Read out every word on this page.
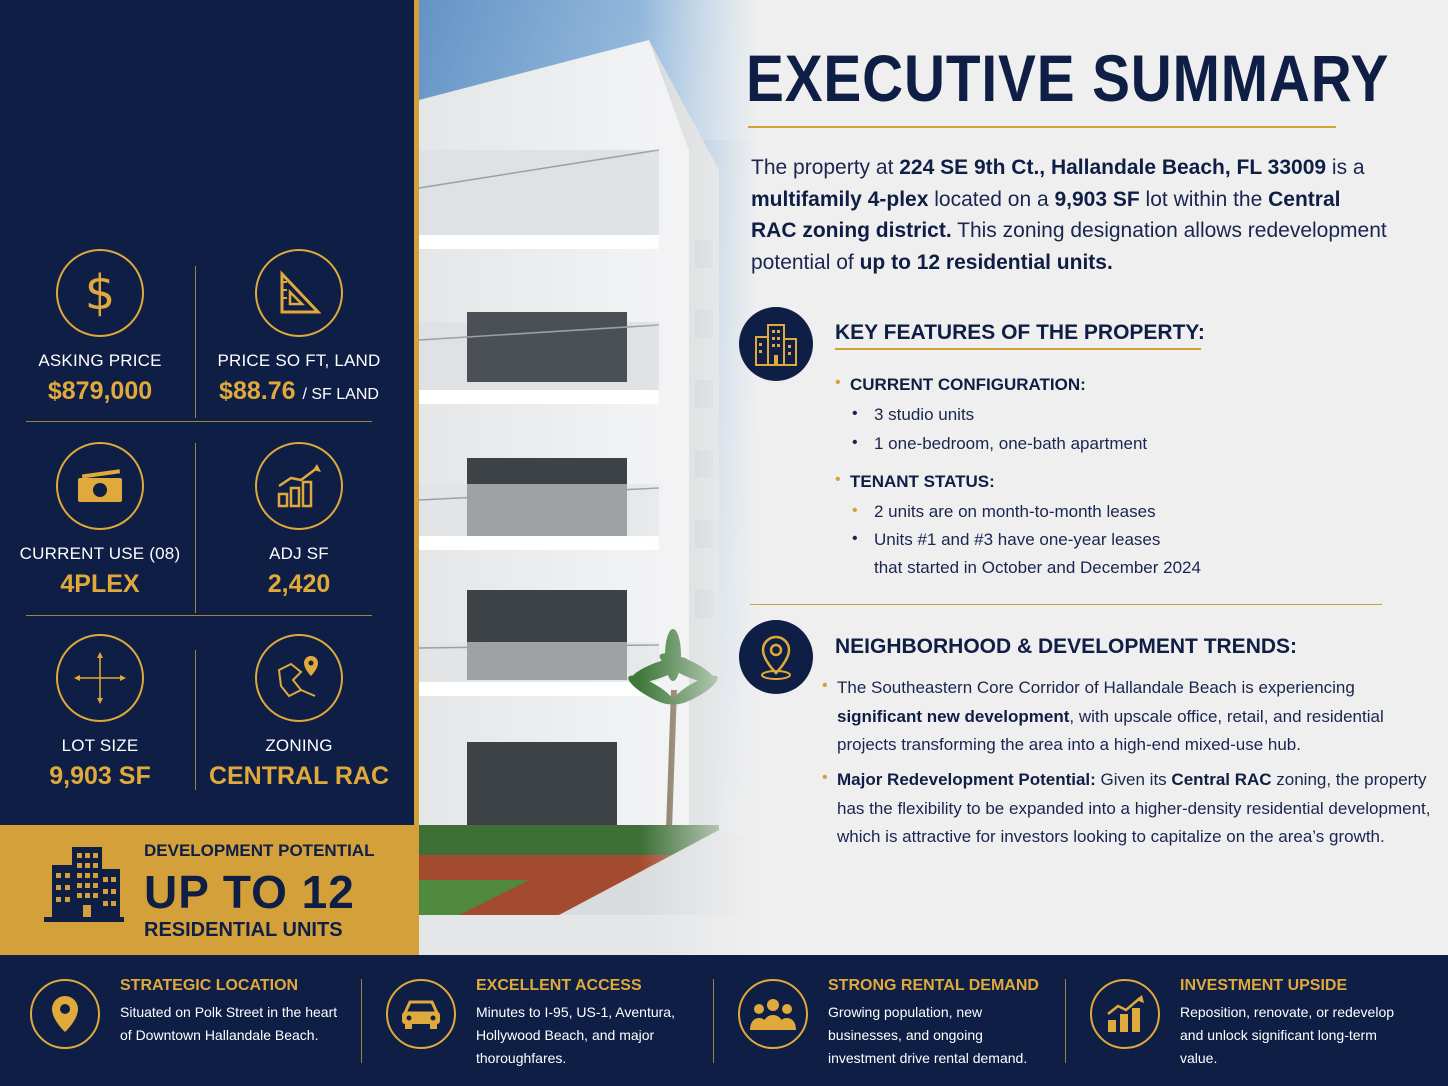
$
ASKING PRICE
$879,000
PRICE SO FT, LAND
$88.76 / SF LAND
CURRENT USE (08)
4PLEX
ADJ SF
2,420
LOT SIZE
9,903 SF
ZONING
CENTRAL RAC
DEVELOPMENT POTENTIAL
UP TO 12
RESIDENTIAL UNITS
EXECUTIVE SUMMARY
The property at 224 SE 9th Ct., Hallandale Beach, FL 33009 is a multifamily 4-plex located on a 9,903 SF lot within the Central RAC zoning district. This zoning designation allows redevelopment potential of up to 12 residential units.
KEY FEATURES OF THE PROPERTY:
• CURRENT CONFIGURATION:
• 3 studio units
• 1 one-bedroom, one-bath apartment
• TENANT STATUS:
• 2 units are on month-to-month leases
• Units #1 and #3 have one-year leases
that started in October and December 2024
NEIGHBORHOOD & DEVELOPMENT TRENDS:
• The Southeastern Core Corridor of Hallandale Beach is experiencing significant new development, with upscale office, retail, and residential projects transforming the area into a high-end mixed-use hub.
• Major Redevelopment Potential: Given its Central RAC zoning, the property has the flexibility to be expanded into a higher-density residential development, which is attractive for investors looking to capitalize on the area’s growth.
STRATEGIC LOCATION
Situated on Polk Street in the heart of Downtown Hallandale Beach.
EXCELLENT ACCESS
Minutes to I-95, US-1, Aventura, Hollywood Beach, and major thoroughfares.
STRONG RENTAL DEMAND
Growing population, new businesses, and ongoing investment drive rental demand.
INVESTMENT UPSIDE
Reposition, renovate, or redevelop and unlock significant long-term value.
